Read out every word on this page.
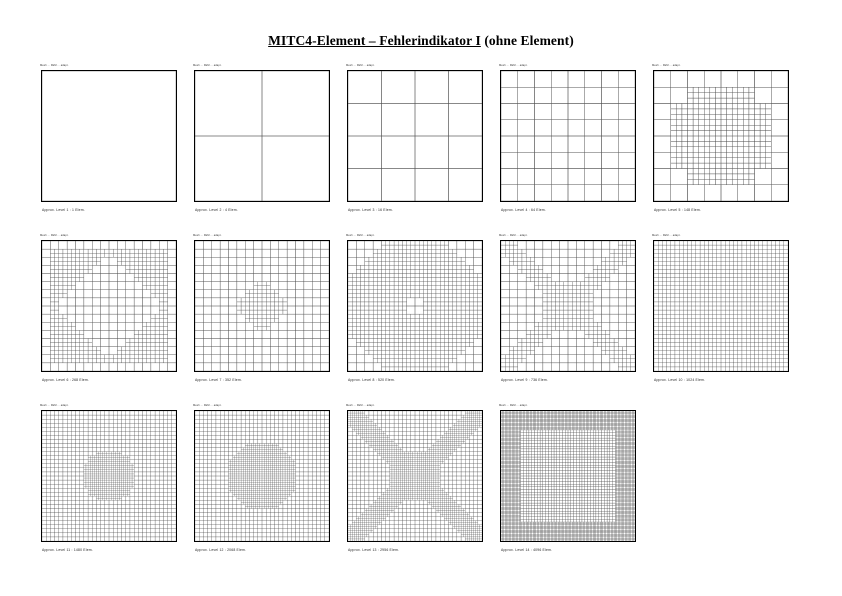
MITC4-Element – Fehlerindikator I (ohne Element)
Mesh ... FEM ... adapt.
Approx. Level 1 : 1 Elem.
Mesh ... FEM ... adapt.
Approx. Level 2 : 4 Elem.
Mesh ... FEM ... adapt.
Approx. Level 3 : 16 Elem.
Mesh ... FEM ... adapt.
Approx. Level 4 : 64 Elem.
Mesh ... FEM ... adapt.
Approx. Level 5 : 148 Elem.
Mesh ... FEM ... adapt.
Approx. Level 6 : 268 Elem.
Mesh ... FEM ... adapt.
Approx. Level 7 : 352 Elem.
Mesh ... FEM ... adapt.
Approx. Level 8 : 520 Elem.
Mesh ... FEM ... adapt.
Approx. Level 9 : 736 Elem.
Mesh ... FEM ... adapt.
Approx. Level 10 : 1024 Elem.
Mesh ... FEM ... adapt.
Approx. Level 11 : 1480 Elem.
Mesh ... FEM ... adapt.
Approx. Level 12 : 2068 Elem.
Mesh ... FEM ... adapt.
Approx. Level 13 : 2956 Elem.
Mesh ... FEM ... adapt.
Approx. Level 14 : 4096 Elem.
